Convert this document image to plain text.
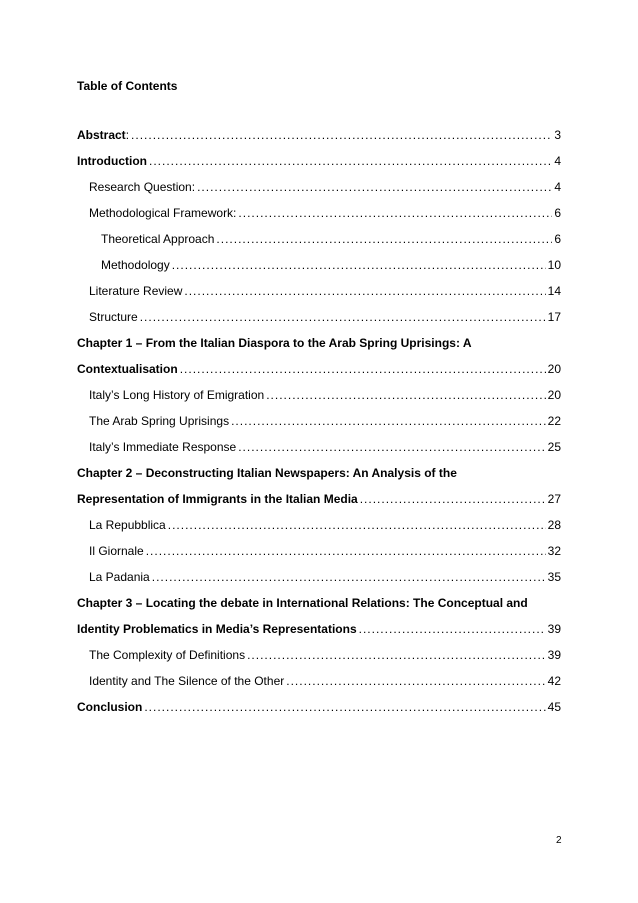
Table of Contents
Abstract: .....	3
Introduction .....	4
Research Question: .....	4
Methodological Framework: .....	6
Theoretical Approach .....	6
Methodology .....	10
Literature Review .....	14
Structure .....	17
Chapter 1 – From the Italian Diaspora to the Arab Spring Uprisings: A
Contextualisation .....	20
Italy’s Long History of Emigration .....	20
The Arab Spring Uprisings .....	22
Italy’s Immediate Response .....	25
Chapter 2 – Deconstructing Italian Newspapers: An Analysis of the
Representation of Immigrants in the Italian Media .....	27
La Repubblica .....	28
Il Giornale .....	32
La Padania .....	35
Chapter 3 – Locating the debate in International Relations: The Conceptual and
Identity Problematics in Media’s Representations .....	39
The Complexity of Definitions .....	39
Identity and The Silence of the Other .....	42
Conclusion .....	45
2
